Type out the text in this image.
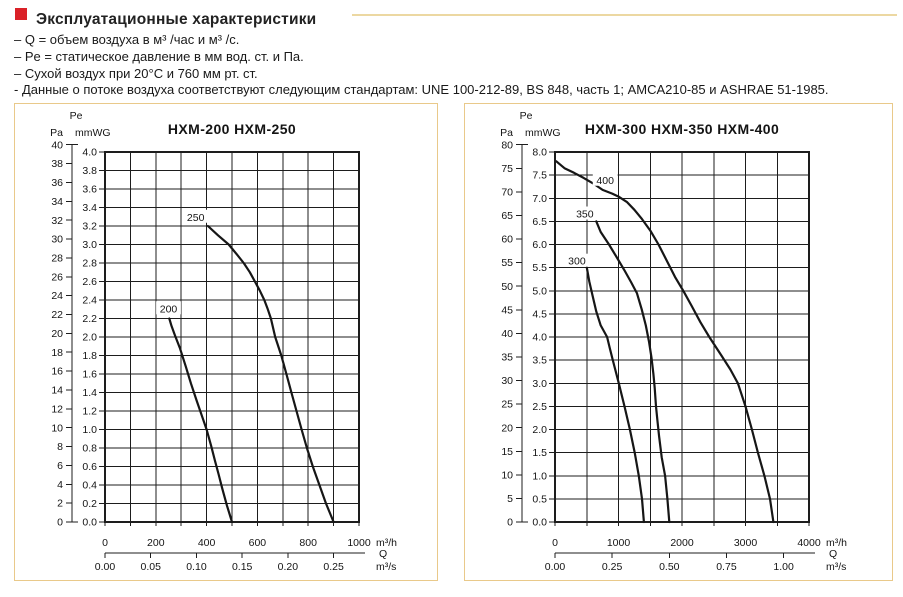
Эксплуатационные характеристики
– Q = объем воздуха в м³ /час и м³ /с.
– Pe = статическое давление в мм вод. ст. и Па.
– Сухой воздух при 20°C и 760 мм рт. ст.
- Данные о потоке воздуха соответствуют следующим стандартам: UNE 100-212-89, BS 848, часть 1; AMCA210-85 и ASHRAE 51-1985.
HXM-200 HXM-250
0.0
0.2
0.4
0.6
0.8
1.0
1.2
1.4
1.6
1.8
2.0
2.2
2.4
2.6
2.8
3.0
3.2
3.4
3.6
3.8
4.0
Pe
mmWG
0
2
4
6
8
10
12
14
16
18
20
22
24
26
28
30
32
34
36
38
40
Pa
0	200	400	600	800	1000 m³/h
0.00 0.05 0.10 0.15 0.20 0.25
Q
m³/s
200
250
HXM-300 HXM-350 HXM-400
0.0
0.5
1.0
1.5
2.0
2.5
3.0
3.5
4.0
4.5
5.0
5.5
6.0
6.5
7.0
7.5
8.0
Pe
mmWG
0
5
10
15
20
25
30
35
40
45
50
55
60
65
70
75
80
Pa
0	1000	2000	3000	4000 m³/h
0.00	0.25	0.50	0.75	1.00
Q
m³/s
300
350
400
